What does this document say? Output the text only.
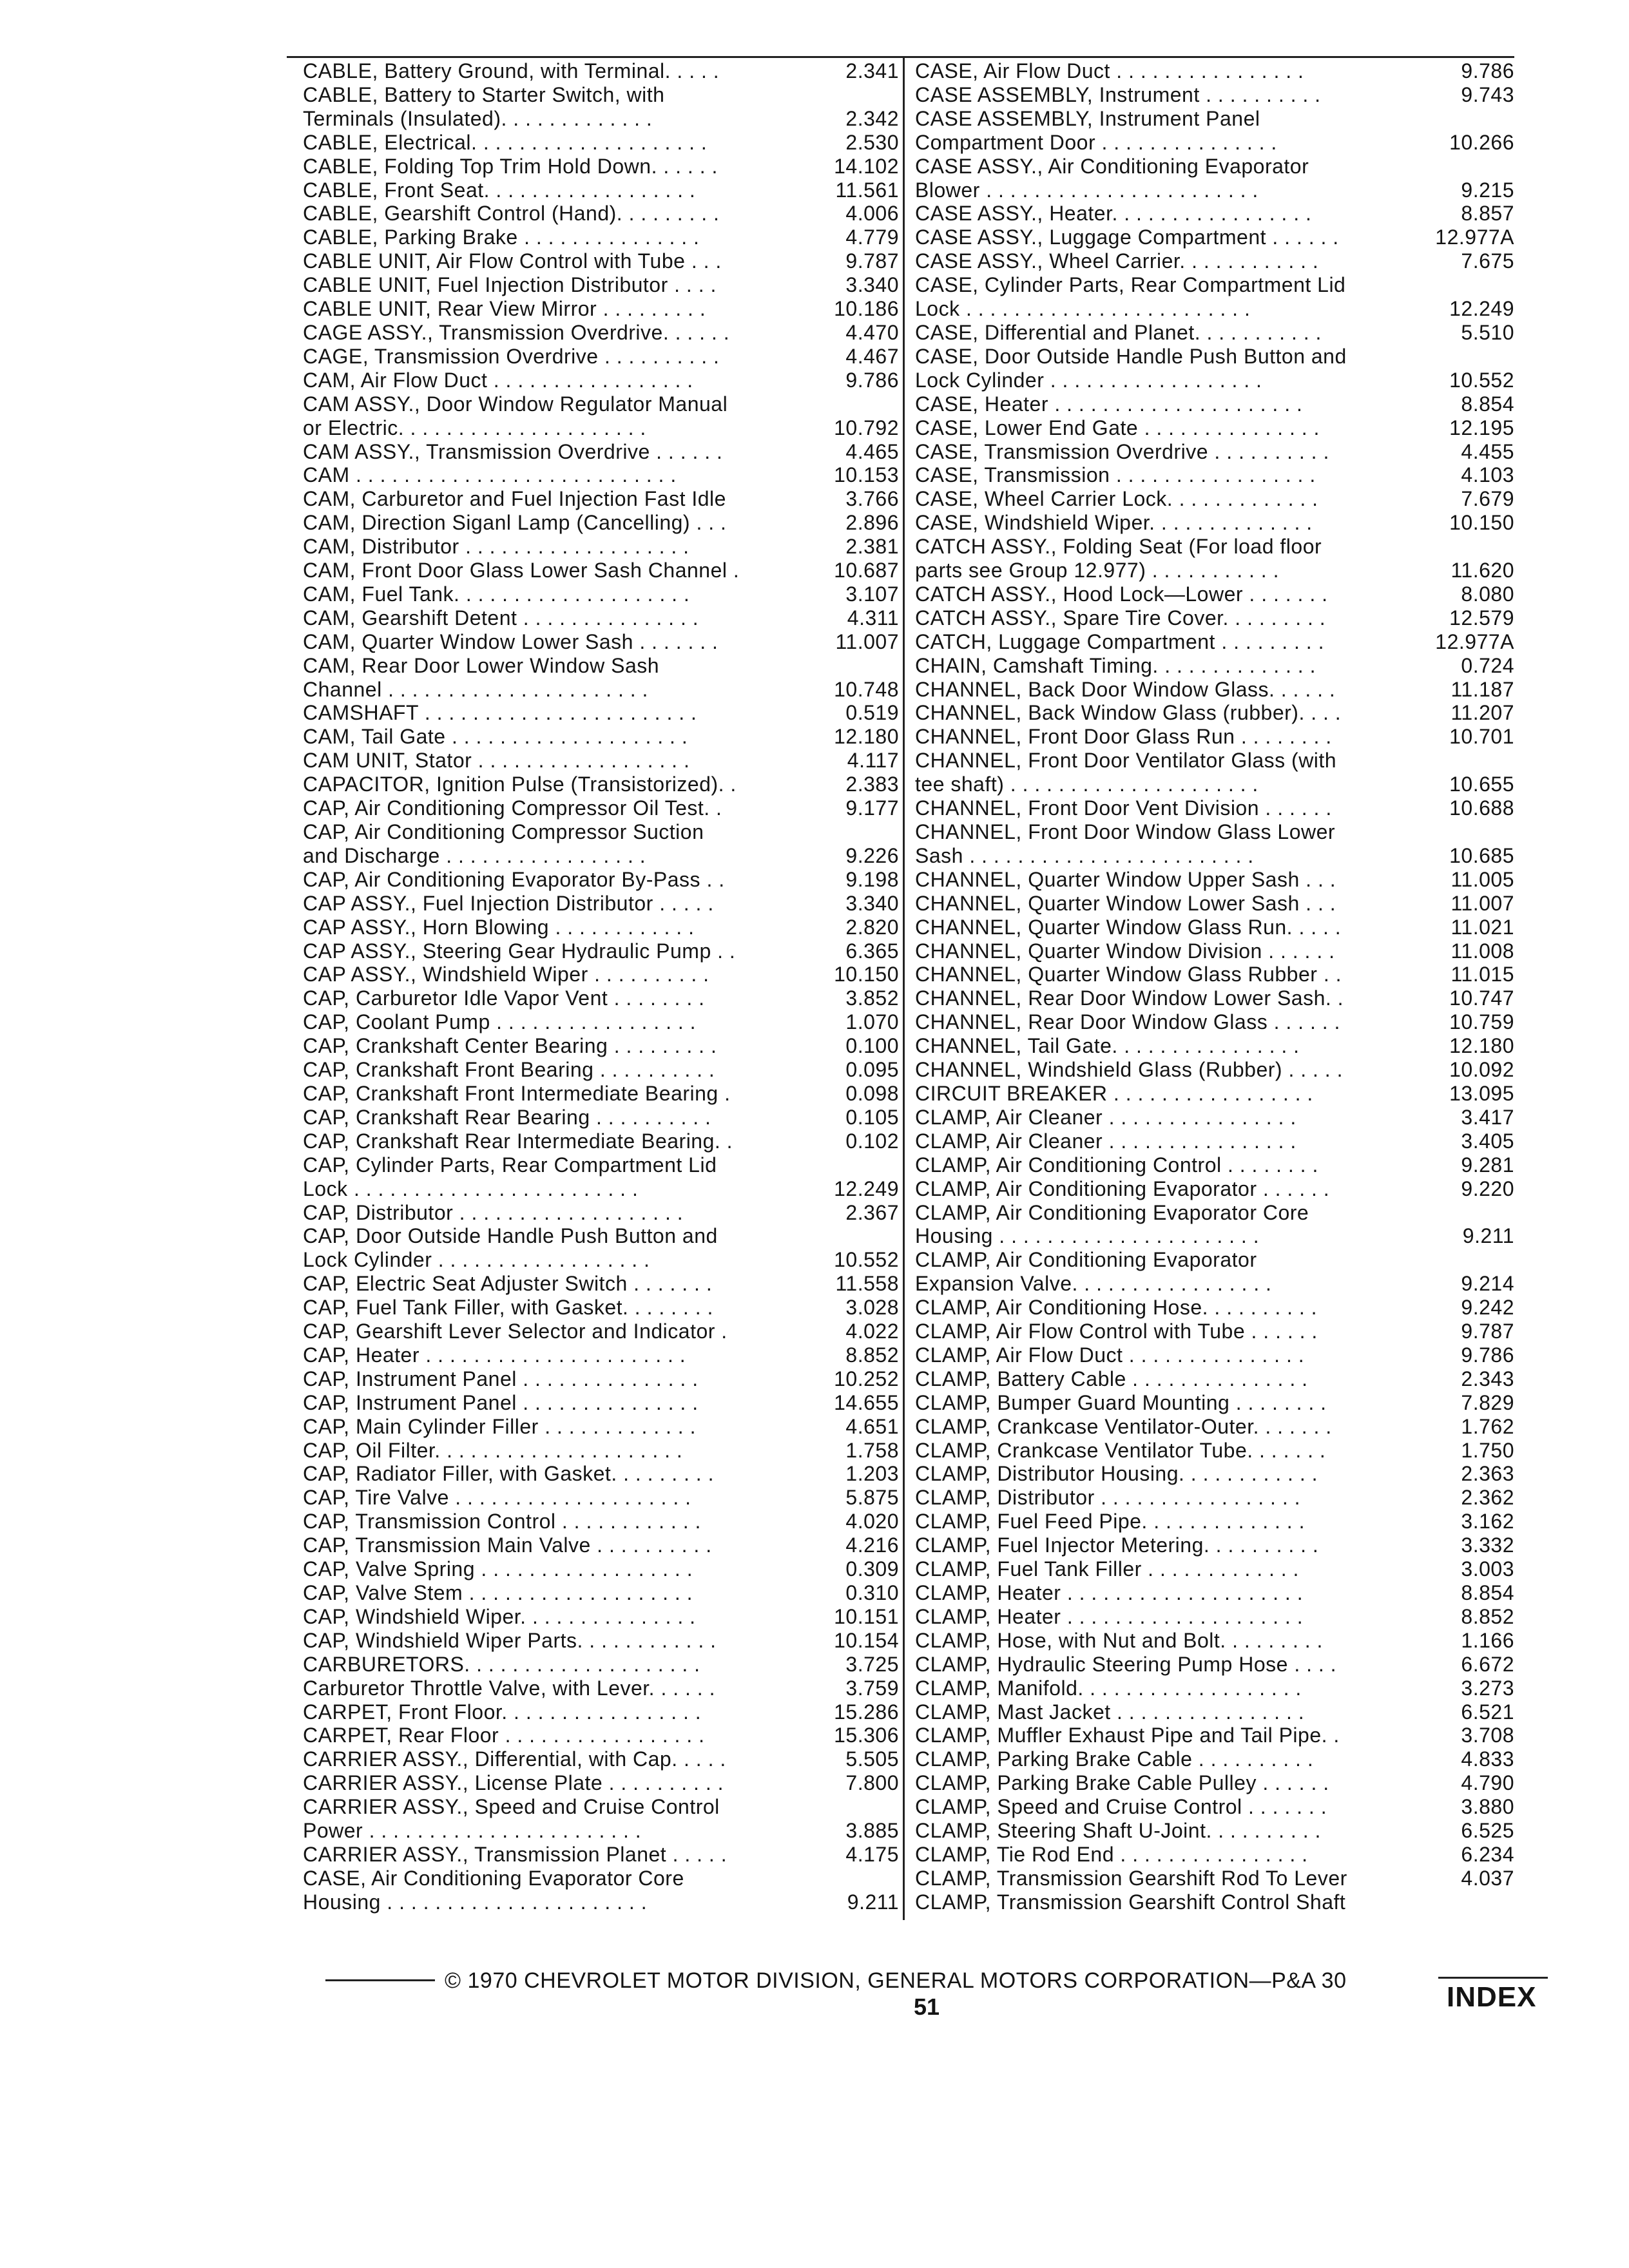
CABLE, Battery Ground, with Terminal. . . . .	2.341
CABLE, Battery to Starter Switch, with
Terminals (Insulated). . . . . . . . . . . . .	2.342
CABLE, Electrical. . . . . . . . . . . . . . . . . . . .	2.530
CABLE, Folding Top Trim Hold Down. . . . . .	14.102
CABLE, Front Seat. . . . . . . . . . . . . . . . . .	11.561
CABLE, Gearshift Control (Hand). . . . . . . . .	4.006
CABLE, Parking Brake . . . . . . . . . . . . . . .	4.779
CABLE UNIT, Air Flow Control with Tube . . .	9.787
CABLE UNIT, Fuel Injection Distributor . . . .	3.340
CABLE UNIT, Rear View Mirror . . . . . . . . .	10.186
CAGE ASSY., Transmission Overdrive. . . . . .	4.470
CAGE, Transmission Overdrive . . . . . . . . . .	4.467
CAM, Air Flow Duct . . . . . . . . . . . . . . . . .	9.786
CAM ASSY., Door Window Regulator Manual
or Electric. . . . . . . . . . . . . . . . . . . . .	10.792
CAM ASSY., Transmission Overdrive . . . . . .	4.465
CAM . . . . . . . . . . . . . . . . . . . . . . . . . . .	10.153
CAM, Carburetor and Fuel Injection Fast Idle	3.766
CAM, Direction Siganl Lamp (Cancelling) . . .	2.896
CAM, Distributor . . . . . . . . . . . . . . . . . . .	2.381
CAM, Front Door Glass Lower Sash Channel .	10.687
CAM, Fuel Tank. . . . . . . . . . . . . . . . . . . .	3.107
CAM, Gearshift Detent . . . . . . . . . . . . . . .	4.311
CAM, Quarter Window Lower Sash . . . . . . .	11.007
CAM, Rear Door Lower Window Sash
Channel . . . . . . . . . . . . . . . . . . . . . .	10.748
CAMSHAFT . . . . . . . . . . . . . . . . . . . . . . .	0.519
CAM, Tail Gate . . . . . . . . . . . . . . . . . . . .	12.180
CAM UNIT, Stator . . . . . . . . . . . . . . . . . .	4.117
CAPACITOR, Ignition Pulse (Transistorized). .	2.383
CAP, Air Conditioning Compressor Oil Test. .	9.177
CAP, Air Conditioning Compressor Suction
and Discharge . . . . . . . . . . . . . . . . .	9.226
CAP, Air Conditioning Evaporator By-Pass . .	9.198
CAP ASSY., Fuel Injection Distributor . . . . .	3.340
CAP ASSY., Horn Blowing . . . . . . . . . . . .	2.820
CAP ASSY., Steering Gear Hydraulic Pump . .	6.365
CAP ASSY., Windshield Wiper . . . . . . . . . .	10.150
CAP, Carburetor Idle Vapor Vent . . . . . . . .	3.852
CAP, Coolant Pump . . . . . . . . . . . . . . . . .	1.070
CAP, Crankshaft Center Bearing . . . . . . . . .	0.100
CAP, Crankshaft Front Bearing . . . . . . . . . .	0.095
CAP, Crankshaft Front Intermediate Bearing .	0.098
CAP, Crankshaft Rear Bearing . . . . . . . . . .	0.105
CAP, Crankshaft Rear Intermediate Bearing. .	0.102
CAP, Cylinder Parts, Rear Compartment Lid
Lock . . . . . . . . . . . . . . . . . . . . . . . .	12.249
CAP, Distributor . . . . . . . . . . . . . . . . . . .	2.367
CAP, Door Outside Handle Push Button and
Lock Cylinder . . . . . . . . . . . . . . . . . .	10.552
CAP, Electric Seat Adjuster Switch . . . . . . .	11.558
CAP, Fuel Tank Filler, with Gasket. . . . . . . .	3.028
CAP, Gearshift Lever Selector and Indicator .	4.022
CAP, Heater . . . . . . . . . . . . . . . . . . . . . .	8.852
CAP, Instrument Panel . . . . . . . . . . . . . . .	10.252
CAP, Instrument Panel . . . . . . . . . . . . . . .	14.655
CAP, Main Cylinder Filler . . . . . . . . . . . . .	4.651
CAP, Oil Filter. . . . . . . . . . . . . . . . . . . . .	1.758
CAP, Radiator Filler, with Gasket. . . . . . . . .	1.203
CAP, Tire Valve . . . . . . . . . . . . . . . . . . . .	5.875
CAP, Transmission Control . . . . . . . . . . . .	4.020
CAP, Transmission Main Valve . . . . . . . . . .	4.216
CAP, Valve Spring . . . . . . . . . . . . . . . . . .	0.309
CAP, Valve Stem . . . . . . . . . . . . . . . . . . .	0.310
CAP, Windshield Wiper. . . . . . . . . . . . . . .	10.151
CAP, Windshield Wiper Parts. . . . . . . . . . . .	10.154
CARBURETORS. . . . . . . . . . . . . . . . . . . .	3.725
Carburetor Throttle Valve, with Lever. . . . . .	3.759
CARPET, Front Floor. . . . . . . . . . . . . . . . .	15.286
CARPET, Rear Floor . . . . . . . . . . . . . . . . .	15.306
CARRIER ASSY., Differential, with Cap. . . . .	5.505
CARRIER ASSY., License Plate . . . . . . . . . .	7.800
CARRIER ASSY., Speed and Cruise Control
Power . . . . . . . . . . . . . . . . . . . . . . .	3.885
CARRIER ASSY., Transmission Planet . . . . .	4.175
CASE, Air Conditioning Evaporator Core
Housing . . . . . . . . . . . . . . . . . . . . . .	9.211
CASE, Air Flow Duct . . . . . . . . . . . . . . . .	9.786
CASE ASSEMBLY, Instrument . . . . . . . . . .	9.743
CASE ASSEMBLY, Instrument Panel
Compartment Door . . . . . . . . . . . . . . .	10.266
CASE ASSY., Air Conditioning Evaporator
Blower . . . . . . . . . . . . . . . . . . . . . . .	9.215
CASE ASSY., Heater. . . . . . . . . . . . . . . . .	8.857
CASE ASSY., Luggage Compartment . . . . . .	12.977A
CASE ASSY., Wheel Carrier. . . . . . . . . . . .	7.675
CASE, Cylinder Parts, Rear Compartment Lid
Lock . . . . . . . . . . . . . . . . . . . . . . . .	12.249
CASE, Differential and Planet. . . . . . . . . . .	5.510
CASE, Door Outside Handle Push Button and
Lock Cylinder . . . . . . . . . . . . . . . . . .	10.552
CASE, Heater . . . . . . . . . . . . . . . . . . . . .	8.854
CASE, Lower End Gate . . . . . . . . . . . . . . .	12.195
CASE, Transmission Overdrive . . . . . . . . . .	4.455
CASE, Transmission . . . . . . . . . . . . . . . . .	4.103
CASE, Wheel Carrier Lock. . . . . . . . . . . . .	7.679
CASE, Windshield Wiper. . . . . . . . . . . . . .	10.150
CATCH ASSY., Folding Seat (For load floor
parts see Group 12.977) . . . . . . . . . . .	11.620
CATCH ASSY., Hood Lock—Lower . . . . . . .	8.080
CATCH ASSY., Spare Tire Cover. . . . . . . . .	12.579
CATCH, Luggage Compartment . . . . . . . . .	12.977A
CHAIN, Camshaft Timing. . . . . . . . . . . . . .	0.724
CHANNEL, Back Door Window Glass. . . . . .	11.187
CHANNEL, Back Window Glass (rubber). . . .	11.207
CHANNEL, Front Door Glass Run . . . . . . . .	10.701
CHANNEL, Front Door Ventilator Glass (with
tee shaft) . . . . . . . . . . . . . . . . . . . . .	10.655
CHANNEL, Front Door Vent Division . . . . . .	10.688
CHANNEL, Front Door Window Glass Lower
Sash . . . . . . . . . . . . . . . . . . . . . . . .	10.685
CHANNEL, Quarter Window Upper Sash . . .	11.005
CHANNEL, Quarter Window Lower Sash . . .	11.007
CHANNEL, Quarter Window Glass Run. . . . .	11.021
CHANNEL, Quarter Window Division . . . . . .	11.008
CHANNEL, Quarter Window Glass Rubber . .	11.015
CHANNEL, Rear Door Window Lower Sash. .	10.747
CHANNEL, Rear Door Window Glass . . . . . .	10.759
CHANNEL, Tail Gate. . . . . . . . . . . . . . . .	12.180
CHANNEL, Windshield Glass (Rubber) . . . . .	10.092
CIRCUIT BREAKER . . . . . . . . . . . . . . . . .	13.095
CLAMP, Air Cleaner . . . . . . . . . . . . . . . .	3.417
CLAMP, Air Cleaner . . . . . . . . . . . . . . . .	3.405
CLAMP, Air Conditioning Control . . . . . . . .	9.281
CLAMP, Air Conditioning Evaporator . . . . . .	9.220
CLAMP, Air Conditioning Evaporator Core
Housing . . . . . . . . . . . . . . . . . . . . . .	9.211
CLAMP, Air Conditioning Evaporator
Expansion Valve. . . . . . . . . . . . . . . . .	9.214
CLAMP, Air Conditioning Hose. . . . . . . . . .	9.242
CLAMP, Air Flow Control with Tube . . . . . .	9.787
CLAMP, Air Flow Duct . . . . . . . . . . . . . . .	9.786
CLAMP, Battery Cable . . . . . . . . . . . . . . .	2.343
CLAMP, Bumper Guard Mounting . . . . . . . .	7.829
CLAMP, Crankcase Ventilator-Outer. . . . . . .	1.762
CLAMP, Crankcase Ventilator Tube. . . . . . .	1.750
CLAMP, Distributor Housing. . . . . . . . . . . .	2.363
CLAMP, Distributor . . . . . . . . . . . . . . . . .	2.362
CLAMP, Fuel Feed Pipe. . . . . . . . . . . . . .	3.162
CLAMP, Fuel Injector Metering. . . . . . . . . .	3.332
CLAMP, Fuel Tank Filler . . . . . . . . . . . . .	3.003
CLAMP, Heater . . . . . . . . . . . . . . . . . . . .	8.854
CLAMP, Heater . . . . . . . . . . . . . . . . . . . .	8.852
CLAMP, Hose, with Nut and Bolt. . . . . . . . .	1.166
CLAMP, Hydraulic Steering Pump Hose . . . .	6.672
CLAMP, Manifold. . . . . . . . . . . . . . . . . . .	3.273
CLAMP, Mast Jacket . . . . . . . . . . . . . . . .	6.521
CLAMP, Muffler Exhaust Pipe and Tail Pipe. .	3.708
CLAMP, Parking Brake Cable . . . . . . . . . .	4.833
CLAMP, Parking Brake Cable Pulley . . . . . .	4.790
CLAMP, Speed and Cruise Control . . . . . . .	3.880
CLAMP, Steering Shaft U-Joint. . . . . . . . . .	6.525
CLAMP, Tie Rod End . . . . . . . . . . . . . . . .	6.234
CLAMP, Transmission Gearshift Rod To Lever	4.037
CLAMP, Transmission Gearshift Control Shaft
© 1970 CHEVROLET MOTOR DIVISION, GENERAL MOTORS CORPORATION—P&A 30
51	INDEX
